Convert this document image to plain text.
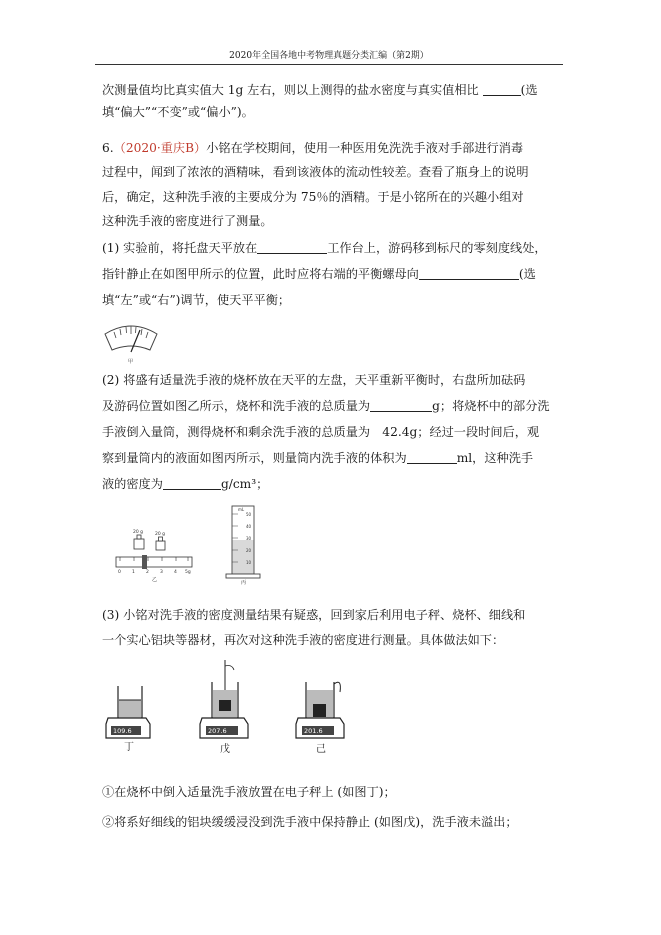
2020年全国各地中考物理真题分类汇编（第2期）
次测量值均比真实值大 1g 左右，则以上测得的盐水密度与真实值相比	(选
填“偏大”“不变”或“偏小”)。
6.（2020·重庆B）小铭在学校期间，使用一种医用免洗洗手液对手部进行消毒
过程中，闻到了浓浓的酒精味，看到该液体的流动性较差。查看了瓶身上的说明
后，确定，这种洗手液的主要成分为 75％的酒精。于是小铭所在的兴趣小组对
这种洗手液的密度进行了测量。
(1) 实验前，将托盘天平放在	工作台上，游码移到标尺的零刻度线处，
指针静止在如图甲所示的位置，此时应将右端的平衡螺母向	(选
填“左”或“右”)调节，使天平平衡；
甲
(2) 将盛有适量洗手液的烧杯放在天平的左盘，天平重新平衡时，右盘所加砝码
及游码位置如图乙所示，烧杯和洗手液的总质量为	g；将烧杯中的部分洗
手液倒入量筒，测得烧杯和剩余洗手液的总质量为　42.4g；经过一段时间后，观
察到量筒内的液面如图丙所示，则量筒内洗手液的体积为	ml，这种洗手
液的密度为	g/cm³；
20 g	20 g
0 1 2 3 4 5g
乙
mL
50
40
30
20
10
丙
(3) 小铭对洗手液的密度测量结果有疑惑，回到家后利用电子秤、烧杯、细线和
一个实心铝块等器材，再次对这种洗手液的密度进行测量。具体做法如下：
109.6
丁
207.6
戊
201.6
己
①在烧杯中倒入适量洗手液放置在电子秤上 (如图丁)；
②将系好细线的铝块缓缓浸没到洗手液中保持静止 (如图戊)，洗手液未溢出；
